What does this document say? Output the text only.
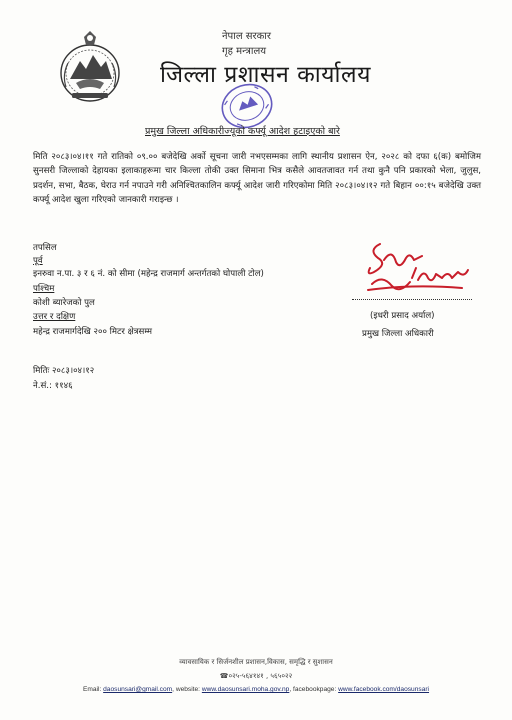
नेपाल सरकार
गृह मन्त्रालय
जिल्ला प्रशासन कार्यालय
प्रमुख जिल्ला अधिकारीज्यूको कर्फ्यू आदेश हटाइएको बारे
मिति २०८३।०४।११ गते रातिको ०९.०० बजेदेखि अर्को सूचना जारी नभएसम्मका लागि स्थानीय प्रशासन ऐन, २०२८ को दफा ६(क) बमोजिम सुनसरी जिल्लाको देहायका इलाकाहरूमा चार किल्ला तोकी उक्त सिमाना भित्र कसैले आवतजावत गर्न तथा कुनै पनि प्रकारको भेला, जुलुस, प्रदर्शन, सभा, बैठक, घेराउ गर्न नपाउने गरी अनिश्चितकालिन कर्फ्यू आदेश जारी गरिएकोमा मिति २०८३।०४।१२ गते बिहान ००:१५ बजेदेखि उक्त कर्फ्यू आदेश खुला गरिएको जानकारी गराइन्छ ।
तपसिल
पूर्व
इनरुवा न.पा. ३ र ६ नं. को सीमा (महेन्द्र राजमार्ग अन्तर्गतको घोपाली टोल)
पश्चिम
कोशी ब्यारेजको पुल
उत्तर र दक्षिण
महेन्द्र राजमार्गदेखि २०० मिटर क्षेत्रसम्म
(इधरी प्रसाद अर्याल)
प्रमुख जिल्ला अधिकारी
मितिः २०८३।०४।१२
ने.सं.: ११४६
व्यावसायिक र सिर्जनशील प्रशासन,विकास, समृद्धि र सुशासन
☎०२५-५६४१४१ , ५६५०२२
Email: daosunsari@gmail.com, website: www.daosunsari.moha.gov.np, facebookpage: www.facebook.com/daosunsari
